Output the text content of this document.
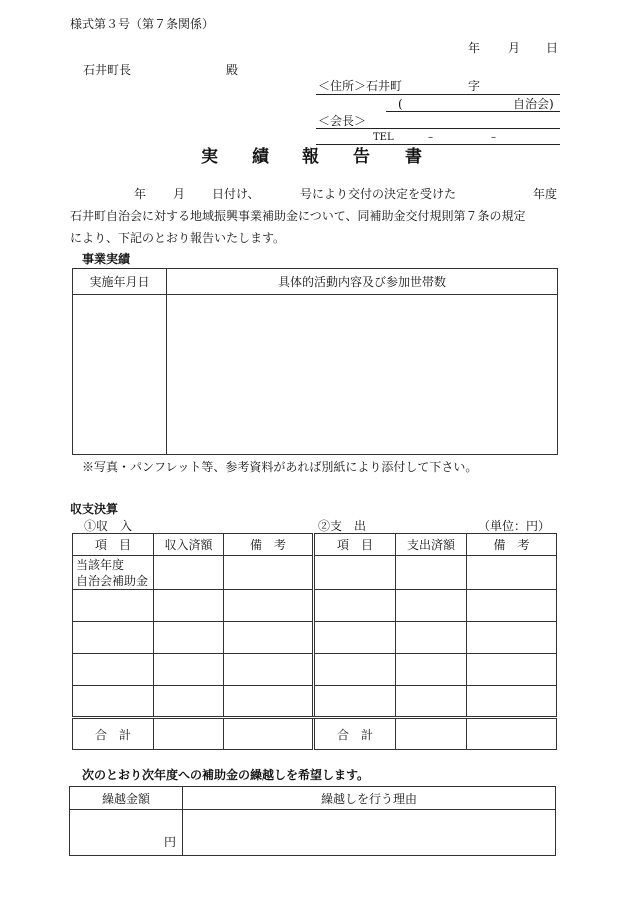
様式第３号（第７条関係）
年 月 日
石井町長	殿
＜住所＞石井町	字
(	自治会)
＜会長＞
TEL	–	–
実 績 報 告 書
年 月 日付け、	号により交付の決定を受けた	年度
石井町自治会に対する地域振興事業補助金について、同補助金交付規則第７条の規定
により、下記のとおり報告いたします。
事業実績
実施年月日	具体的活動内容及び参加世帯数

※写真・パンフレット等、参考資料があれば別紙により添付して下さい。
収支決算
①収　入	②支　出	（単位：円）
項　目	収入済額	備　考	項　目	支出済額	備　考
当該年度
自治会補助金					

合　計			合　計		
次のとおり次年度への補助金の繰越しを希望します。
繰越金額	繰越しを行う理由
円	
